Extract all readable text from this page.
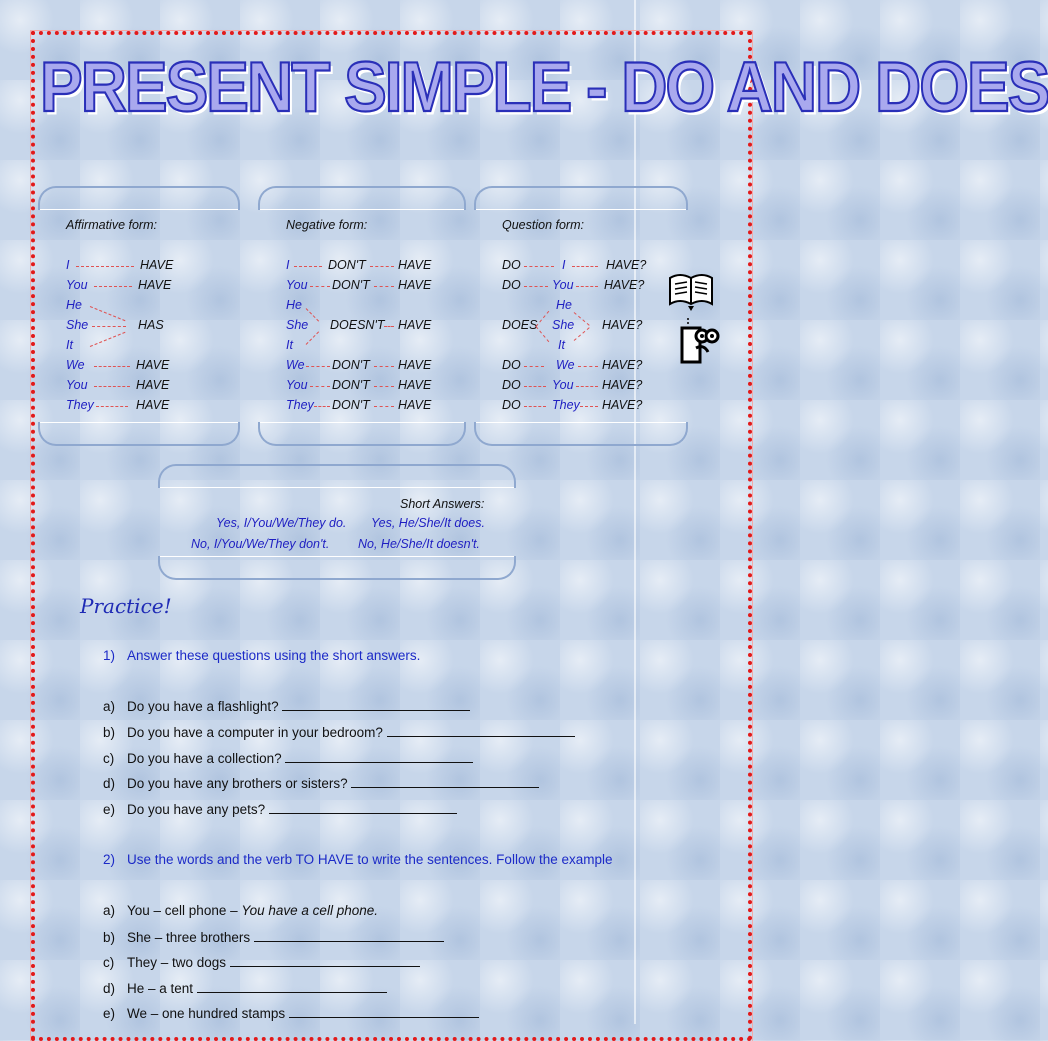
PRESENT SIMPLE - DO AND DOES
Affirmative form:
I
You
He
She
It
We
You
They
HAVE
HAVE
HAS
HAVE
HAVE
HAVE
Negative form:
I
You
He
She
It
We
You
They
DON'T
DON'T
DOESN'T
DON'T
DON'T
DON'T
HAVE
HAVE
HAVE
HAVE
HAVE
HAVE
Question form:
DO
DO
DOES
DO
DO
DO
I
You
He
She
It
We
You
They
HAVE?
HAVE?
HAVE?
HAVE?
HAVE?
HAVE?
Short Answers:
Yes, I/You/We/They do. Yes, He/She/It does.
No, I/You/We/They don't. No, He/She/It doesn't.
Practice!
1) Answer these questions using the short answers.
a) Do you have a flashlight?
b) Do you have a computer in your bedroom?
c) Do you have a collection?
d) Do you have any brothers or sisters?
e) Do you have any pets?
2) Use the words and the verb TO HAVE to write the sentences. Follow the example
a) You – cell phone – You have a cell phone.
b) She – three brothers
c) They – two dogs
d) He – a tent
e) We – one hundred stamps
